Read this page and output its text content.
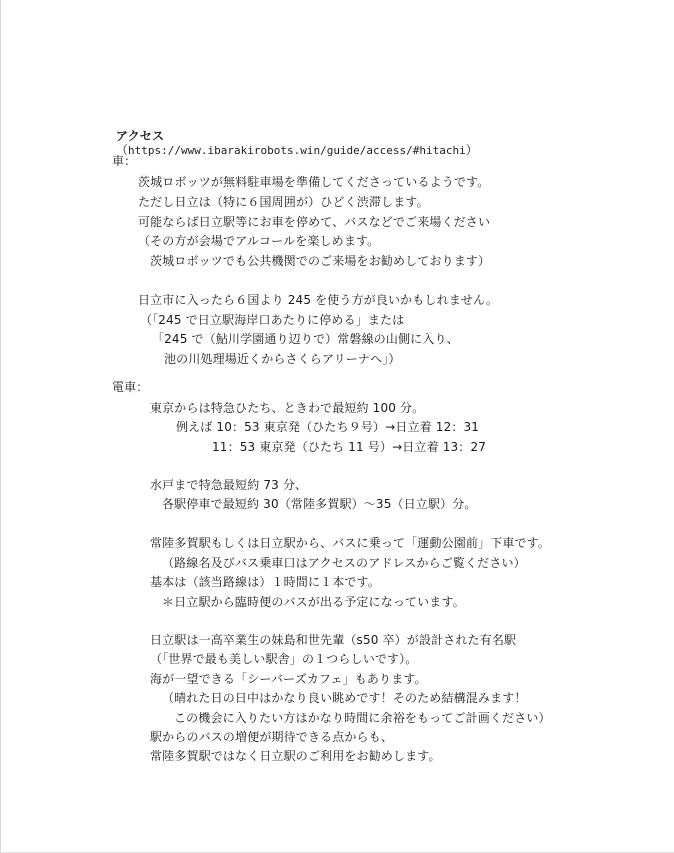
アクセス
（https://www.ibarakirobots.win/guide/access/#hitachi）

車：
茨城ロボッツが無料駐車場を準備してくださっているようです。
ただし日立は（特に６国周囲が）ひどく渋滞します。
可能ならば日立駅等にお車を停めて、バスなどでご来場ください
（その方が会場でアルコールを楽しめます。
茨城ロボッツでも公共機関でのご来場をお勧めしております）
日立市に入ったら６国より 245 を使う方が良いかもしれません。
（「245 で日立駅海岸口あたりに停める」または
「245 で（鮎川学園通り辺りで）常磐線の山側に入り、
池の川処理場近くからさくらアリーナへ」）
電車：
東京からは特急ひたち、ときわで最短約 100 分。
例えば 10：53 東京発（ひたち９号）→日立着 12：31
11：53 東京発（ひたち 11 号）→日立着 13：27
水戸まで特急最短約 73 分、
各駅停車で最短約 30（常陸多賀駅）～35（日立駅）分。
常陸多賀駅もしくは日立駅から、バスに乗って「運動公園前」下車です。
（路線名及びバス乗車口はアクセスのアドレスからご覧ください）
基本は（該当路線は）１時間に１本です。
＊日立駅から臨時便のバスが出る予定になっています。
日立駅は一高卒業生の妹島和世先輩（s50 卒）が設計された有名駅
（「世界で最も美しい駅舎」の１つらしいです）。
海が一望できる「シーバーズカフェ」もあります。
（晴れた日の日中はかなり良い眺めです！そのため結構混みます！
この機会に入りたい方はかなり時間に余裕をもってご計画ください）
駅からのバスの増便が期待できる点からも、
常陸多賀駅ではなく日立駅のご利用をお勧めします。
